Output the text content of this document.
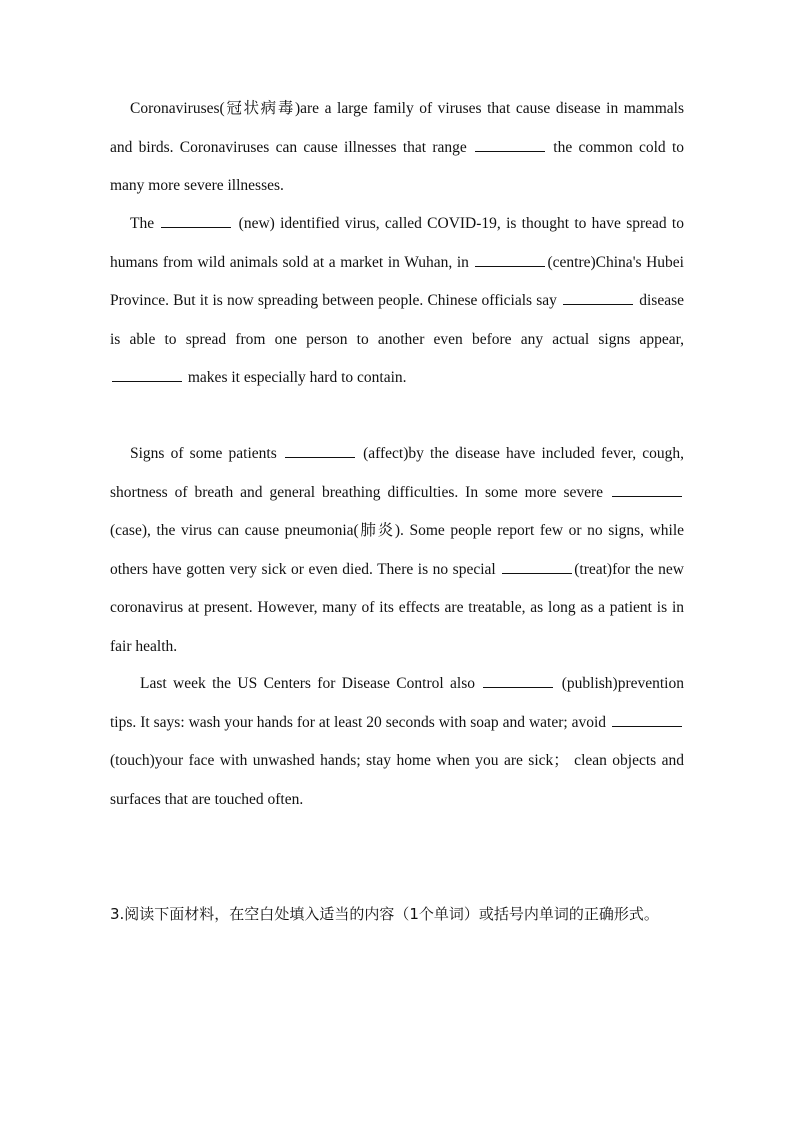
Coronaviruses(冠状病毒)are a large family of viruses that cause disease in mammals and birds. Coronaviruses can cause illnesses that range	the common cold to many more severe illnesses.

The	(new) identified virus, called COVID-19, is thought to have spread to humans from wild animals sold at a market in Wuhan, in	(centre)China's Hubei Province. But it is now spreading between people. Chinese officials say	disease is able to spread from one person to another even before any actual signs appear,  makes it especially hard to contain.

Signs of some patients	(affect)by the disease have included fever, cough, shortness of breath and general breathing difficulties. In some more severe  (case), the virus can cause pneumonia(肺炎). Some people report few or no signs, while others have gotten very sick or even died. There is no special	(treat)for the new coronavirus at present. However, many of its effects are treatable, as long as a patient is in fair health.

Last week the US Centers for Disease Control also	(publish)prevention tips. It says: wash your hands for at least 20 seconds with soap and water; avoid  (touch)your face with unwashed hands; stay home when you are sick； clean objects and surfaces that are touched often.

3.阅读下面材料，在空白处填入适当的内容（1个单词）或括号内单词的正确形式。
